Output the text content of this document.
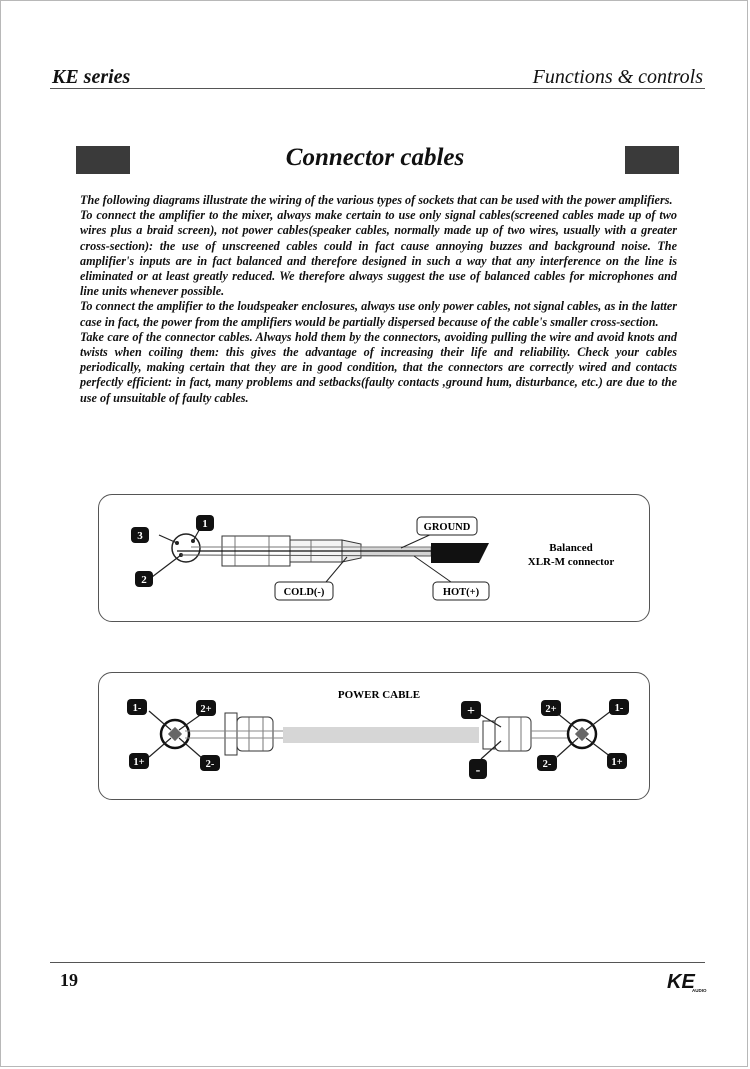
KE series	Functions & controls
Connector cables

The following diagrams illustrate the wiring of the various types of sockets that can be used with the power amplifiers.

To connect the amplifier to the mixer, always make certain to use only signal cables(screened cables made up of two wires plus a braid screen), not power cables(speaker cables, normally made up of two wires, usually with a greater cross-section): the use of unscreened cables could in fact cause annoying buzzes and background noise. The amplifier's inputs are in fact balanced and therefore designed in such a way that any interference on the line is eliminated or at least greatly reduced. We therefore always suggest the use of balanced cables for microphones and line units whenever possible.

To connect the amplifier to the loudspeaker enclosures, always use only power cables, not signal cables, as in the latter case in fact, the power from the amplifiers would be partially dispersed because of the cable's smaller cross-section.

Take care of the connector cables. Always hold them by the connectors, avoiding pulling the wire and avoid knots and twists when coiling them: this gives the advantage of increasing their life and reliability. Check your cables periodically, making certain that they are in good condition, that the connectors are correctly wired and contacts perfectly efficient: in fact, many problems and setbacks(faulty contacts ,ground hum, disturbance, etc.) are due to the use of unsuitable of faulty cables.

3
1
2
GROUND
COLD(-)	HOT(+)
Balanced
XLR-M connector
POWER CABLE
1-	2+
1+	2-
+
-
2+	1-
2-	1+
19	KE
AUDIO
